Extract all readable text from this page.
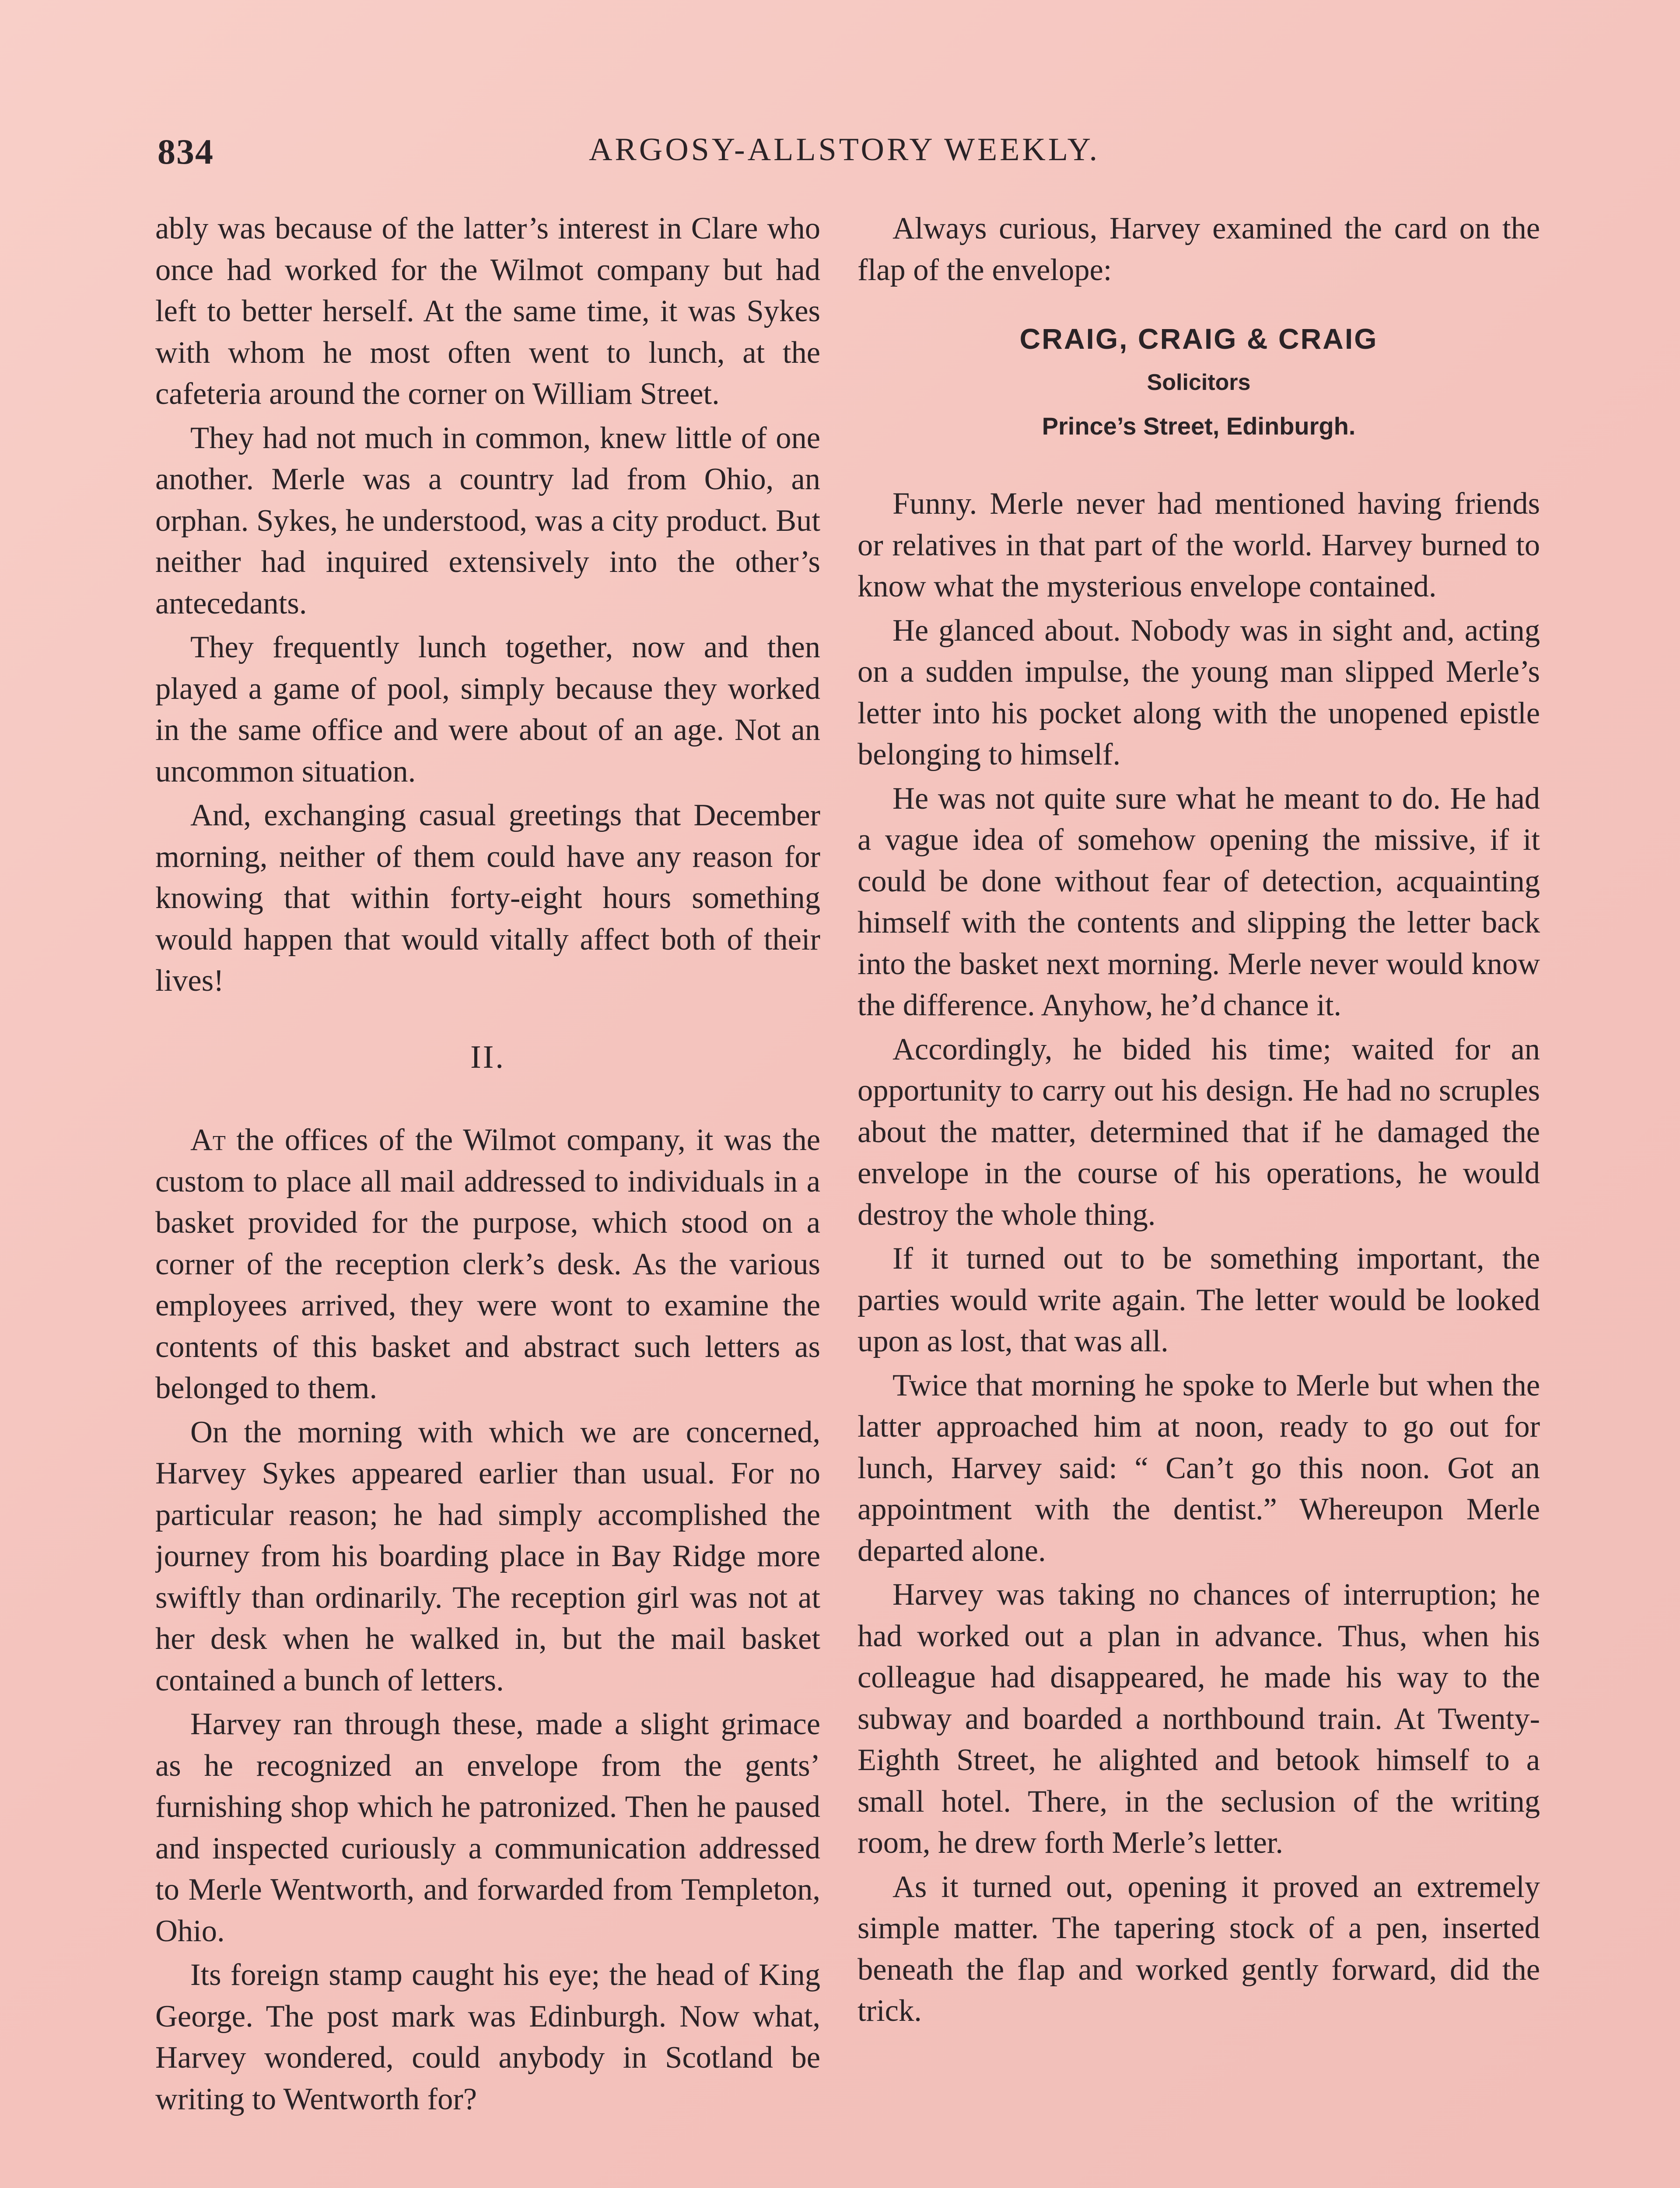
834	ARGOSY-ALLSTORY WEEKLY.

ably was because of the latter’s interest in Clare who once had worked for the Wilmot company but had left to better herself. At the same time, it was Sykes with whom he most often went to lunch, at the cafeteria around the corner on William Street.

They had not much in common, knew little of one another. Merle was a country lad from Ohio, an orphan. Sykes, he understood, was a city product. But neither had inquired extensively into the other’s antecedants.

They frequently lunch together, now and then played a game of pool, simply because they worked in the same office and were about of an age. Not an uncommon situation.

And, exchanging casual greetings that December morning, neither of them could have any reason for knowing that within forty-eight hours something would happen that would vitally affect both of their lives!

II.

At the offices of the Wilmot company, it was the custom to place all mail addressed to individuals in a basket provided for the purpose, which stood on a corner of the reception clerk’s desk. As the various employees arrived, they were wont to examine the contents of this basket and abstract such letters as belonged to them.

On the morning with which we are concerned, Harvey Sykes appeared earlier than usual. For no particular reason; he had simply accomplished the journey from his boarding place in Bay Ridge more swiftly than ordinarily. The reception girl was not at her desk when he walked in, but the mail basket contained a bunch of letters.

Harvey ran through these, made a slight grimace as he recognized an envelope from the gents’ furnishing shop which he patronized. Then he paused and inspected curiously a communication addressed to Merle Wentworth, and forwarded from Templeton, Ohio.

Its foreign stamp caught his eye; the head of King George. The post mark was Edinburgh. Now what, Harvey wondered, could anybody in Scotland be writing to Wentworth for?

Always curious, Harvey examined the card on the flap of the envelope:

CRAIG, CRAIG & CRAIG
Solicitors
Prince’s Street, Edinburgh.

Funny. Merle never had mentioned having friends or relatives in that part of the world. Harvey burned to know what the mysterious envelope contained.

He glanced about. Nobody was in sight and, acting on a sudden impulse, the young man slipped Merle’s letter into his pocket along with the unopened epistle belonging to himself.

He was not quite sure what he meant to do. He had a vague idea of somehow opening the missive, if it could be done without fear of detection, acquainting himself with the contents and slipping the letter back into the basket next morning. Merle never would know the difference. Anyhow, he’d chance it.

Accordingly, he bided his time; waited for an opportunity to carry out his design. He had no scruples about the matter, determined that if he damaged the envelope in the course of his operations, he would destroy the whole thing.

If it turned out to be something important, the parties would write again. The letter would be looked upon as lost, that was all.

Twice that morning he spoke to Merle but when the latter approached him at noon, ready to go out for lunch, Harvey said: “ Can’t go this noon. Got an appointment with the dentist.” Whereupon Merle departed alone.

Harvey was taking no chances of interruption; he had worked out a plan in advance. Thus, when his colleague had disappeared, he made his way to the subway and boarded a northbound train. At Twenty-Eighth Street, he alighted and betook himself to a small hotel. There, in the seclusion of the writing room, he drew forth Merle’s letter.

As it turned out, opening it proved an extremely simple matter. The tapering stock of a pen, inserted beneath the flap and worked gently forward, did the trick.
